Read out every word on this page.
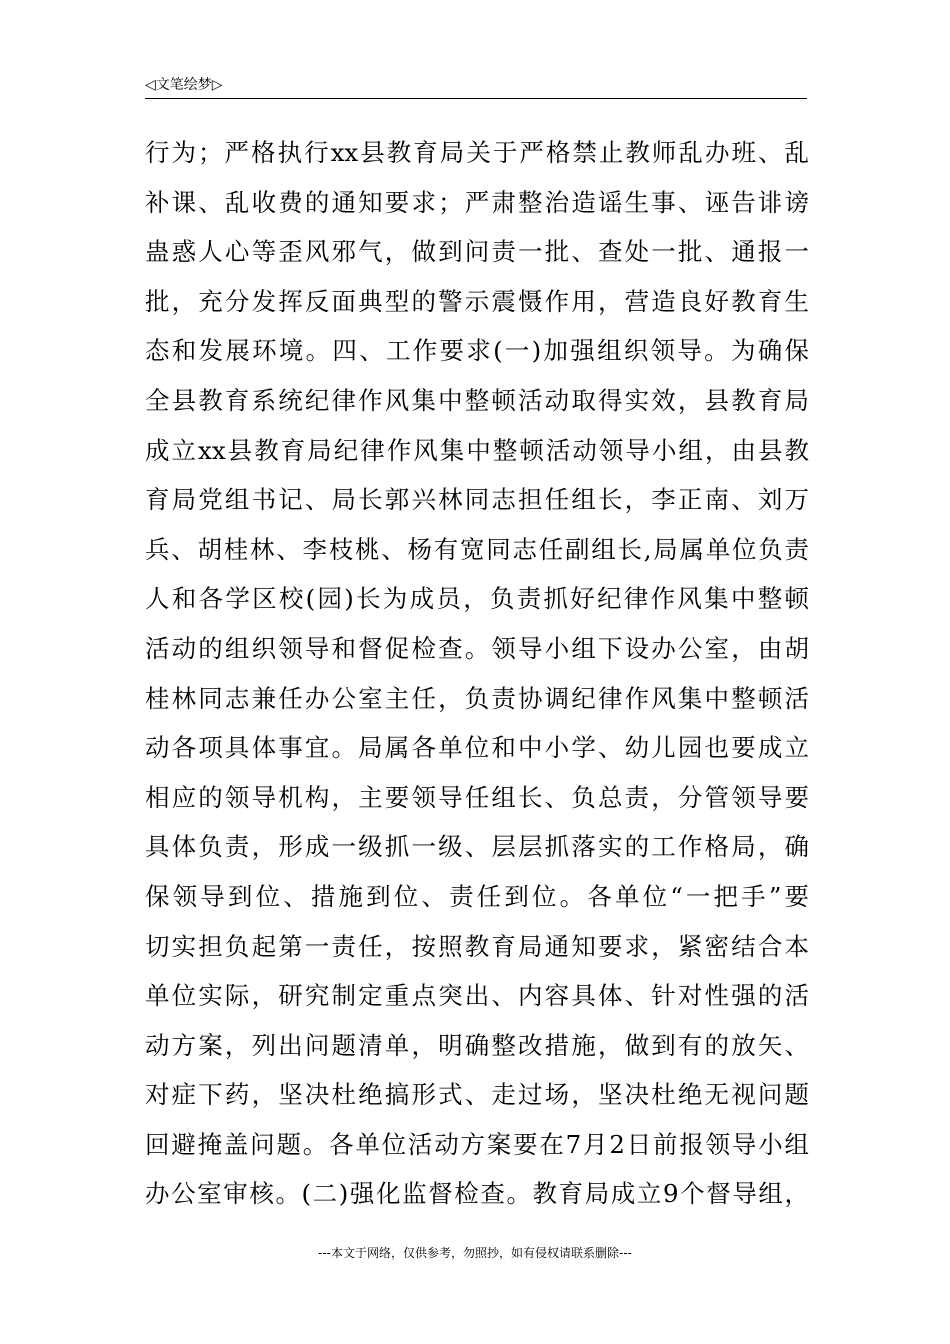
◁文笔绘梦▷
行为；严格执行xx县教育局关于严格禁止教师乱办班、乱
补课、乱收费的通知要求；严肃整治造谣生事、诬告诽谤
蛊惑人心等歪风邪气，做到问责一批、查处一批、通报一
批，充分发挥反面典型的警示震慑作用，营造良好教育生
态和发展环境。四、工作要求(一)加强组织领导。为确保
全县教育系统纪律作风集中整顿活动取得实效，县教育局
成立xx县教育局纪律作风集中整顿活动领导小组，由县教
育局党组书记、局长郭兴林同志担任组长，李正南、刘万
兵、胡桂林、李枝桃、杨有宽同志任副组长,局属单位负责
人和各学区校(园)长为成员，负责抓好纪律作风集中整顿
活动的组织领导和督促检查。领导小组下设办公室，由胡
桂林同志兼任办公室主任，负责协调纪律作风集中整顿活
动各项具体事宜。局属各单位和中小学、幼儿园也要成立
相应的领导机构，主要领导任组长、负总责，分管领导要
具体负责，形成一级抓一级、层层抓落实的工作格局，确
保领导到位、措施到位、责任到位。各单位“一把手”要
切实担负起第一责任，按照教育局通知要求，紧密结合本
单位实际，研究制定重点突出、内容具体、针对性强的活
动方案，列出问题清单，明确整改措施，做到有的放矢、
对症下药，坚决杜绝搞形式、走过场，坚决杜绝无视问题
回避掩盖问题。各单位活动方案要在7月2日前报领导小组
办公室审核。(二)强化监督检查。教育局成立9个督导组，
---本文于网络，仅供参考，勿照抄，如有侵权请联系删除---
